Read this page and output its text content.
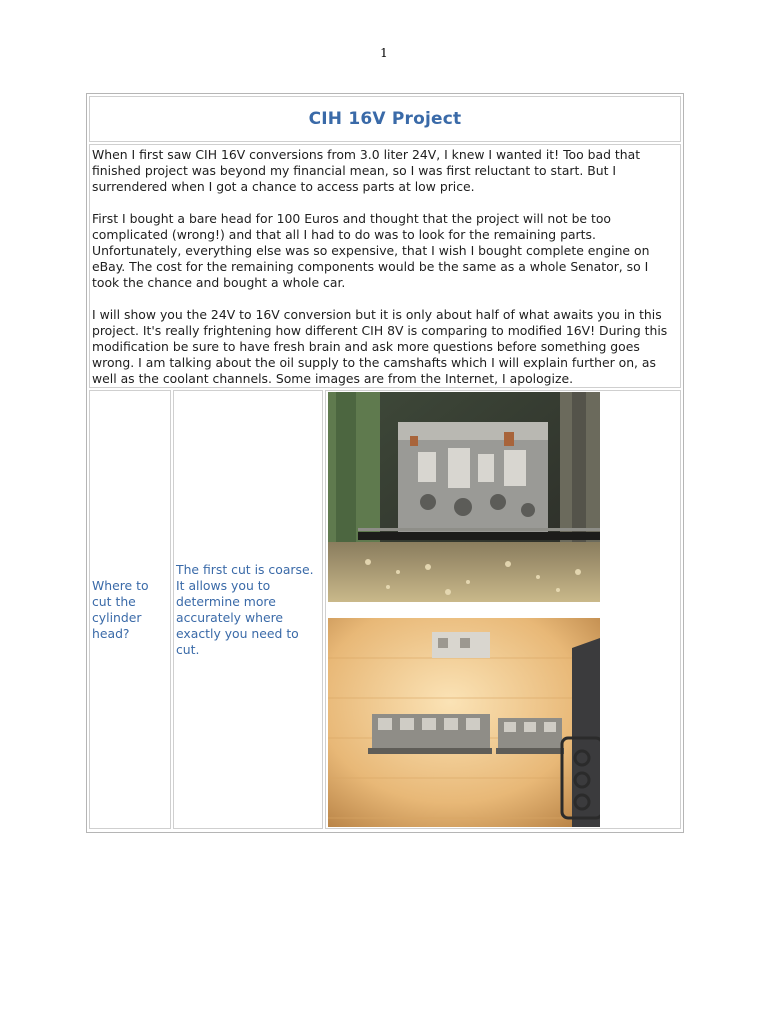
1
CIH 16V Project

When I first saw CIH 16V conversions from 3.0 liter 24V, I knew I wanted it! Too bad that finished project was beyond my financial mean, so I was first reluctant to start. But I surrendered when I got a chance to access parts at low price.

First I bought a bare head for 100 Euros and thought that the project will not be too complicated (wrong!) and that all I had to do was to look for the remaining parts. Unfortunately, everything else was so expensive, that I wish I bought complete engine on eBay. The cost for the remaining components would be the same as a whole Senator, so I took the chance and bought a whole car.

I will show you the 24V to 16V conversion but it is only about half of what awaits you in this project. It's really frightening how different CIH 8V is comparing to modified 16V! During this modification be sure to have fresh brain and ask more questions before something goes wrong. I am talking about the oil supply to the camshafts which I will explain further on, as well as the coolant channels. Some images are from the Internet, I apologize.

Where to cut the cylinder head?
The first cut is coarse. It allows you to determine more accurately where exactly you need to cut.
